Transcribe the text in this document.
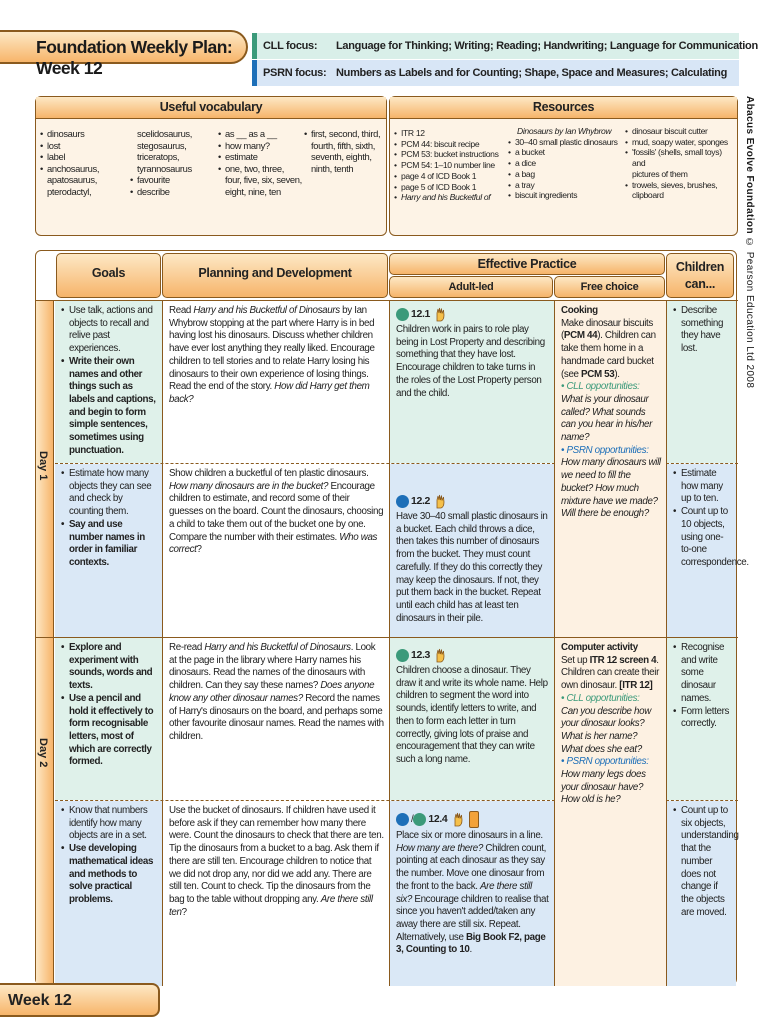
Foundation Weekly Plan: Week 12
CLL focus: Language for Thinking; Writing; Reading; Handwriting; Language for Communication
PSRN focus: Numbers as Labels and for Counting; Shape, Space and Measures; Calculating
Useful vocabulary
• dinosaurs
• lost
• label
• anchosaurus,
apatosaurus,
pterodactyl,
scelidosaurus,
stegosaurus,
triceratops,
tyrannosaurus
• favourite
• describe
• as __ as a __
• how many?
• estimate
• one, two, three,
four, five, six, seven,
eight, nine, ten
• first, second, third,
fourth, fifth, sixth,
seventh, eighth,
ninth, tenth
Resources
• ITR 12
• PCM 44: biscuit recipe
• PCM 53: bucket instructions
• PCM 54: 1–10 number line
• page 4 of ICD Book 1
• page 5 of ICD Book 1
• Harry and his Bucketful of
Dinosaurs by Ian Whybrow
• 30–40 small plastic dinosaurs
• a bucket
• a dice
• a bag
• a tray
• biscuit ingredients
• dinosaur biscuit cutter
• mud, soapy water, sponges
• 'fossils' (shells, small toys) and
pictures of them
• trowels, sieves, brushes,
clipboard
Goals	Planning and Development
Effective Practice
Adult-led	Free choice
Children can...
Day 1
Day 2
• Use talk, actions and objects to recall and relive past experiences.
• Write their own names and other things such as labels and captions, and begin to form simple sentences, sometimes using punctuation.
Read Harry and his Bucketful of Dinosaurs by Ian Whybrow stopping at the part where Harry is in bed having lost his dinosaurs. Discuss whether children have ever lost anything they really liked. Encourage children to tell stories and to relate Harry losing his dinosaurs to their own experience of losing things. Read the end of the story. How did Harry get them back?
12.1
Children work in pairs to role play being in Lost Property and describing something that they have lost. Encourage children to take turns in the roles of the Lost Property person and the child.
Cooking
Make dinosaur biscuits (PCM 44). Children can take them home in a handmade card bucket (see PCM 53).
• CLL opportunities:
What is your dinosaur called? What sounds can you hear in his/her name?
• PSRN opportunities:
How many dinosaurs will we need to fill the bucket? How much mixture have we made? Will there be enough?
• Describe something they have lost.
• Estimate how many objects they can see and check by counting them.
• Say and use number names in order in familiar contexts.
Show children a bucketful of ten plastic dinosaurs. How many dinosaurs are in the bucket? Encourage children to estimate, and record some of their guesses on the board. Count the dinosaurs, choosing a child to take them out of the bucket one by one. Compare the number with their estimates. Who was correct?
12.2
Have 30–40 small plastic dinosaurs in a bucket. Each child throws a dice, then takes this number of dinosaurs from the bucket. They must count carefully. If they do this correctly they may keep the dinosaurs. If not, they put them back in the bucket. Repeat until each child has at least ten dinosaurs in their pile.
• Estimate how many up to ten.
• Count up to 10 objects, using one-to-one correspondence.
• Explore and experiment with sounds, words and texts.
• Use a pencil and hold it effectively to form recognisable letters, most of which are correctly formed.
Re-read Harry and his Bucketful of Dinosaurs. Look at the page in the library where Harry names his dinosaurs. Read the names of the dinosaurs with children. Can they say these names? Does anyone know any other dinosaur names? Record the names of Harry's dinosaurs on the board, and perhaps some other favourite dinosaur names. Read the names with children.
12.3
Children choose a dinosaur. They draw it and write its whole name. Help children to segment the word into sounds, identify letters to write, and then to form each letter in turn correctly, giving lots of praise and encouragement that they can write such a long name.
Computer activity
Set up ITR 12 screen 4. Children can create their own dinosaur. [ITR 12]
• CLL opportunities:
Can you describe how your dinosaur looks? What is her name? What does she eat?
• PSRN opportunities:
How many legs does your dinosaur have? How old is he?
• Recognise and write some dinosaur names.
• Form letters correctly.
• Know that numbers identify how many objects are in a set.
• Use developing mathematical ideas and methods to solve practical problems.
Use the bucket of dinosaurs. If children have used it before ask if they can remember how many there were. Count the dinosaurs to check that there are ten. Tip the dinosaurs from a bucket to a bag. Ask them if there are still ten. Encourage children to notice that we did not drop any, nor did we add any. There are still ten. Count to check. Tip the dinosaurs from the bag to the table without dropping any. Are there still ten?
/ 12.4
Place six or more dinosaurs in a line. How many are there? Children count, pointing at each dinosaur as they say the number. Move one dinosaur from the front to the back. Are there still six? Encourage children to realise that since you haven't added/taken any away there are still six. Repeat. Alternatively, use Big Book F2, page 3, Counting to 10.
• Count up to six objects, understanding that the number does not change if the objects are moved.
Abacus Evolve Foundation © Pearson Education Ltd 2008
Week 12
